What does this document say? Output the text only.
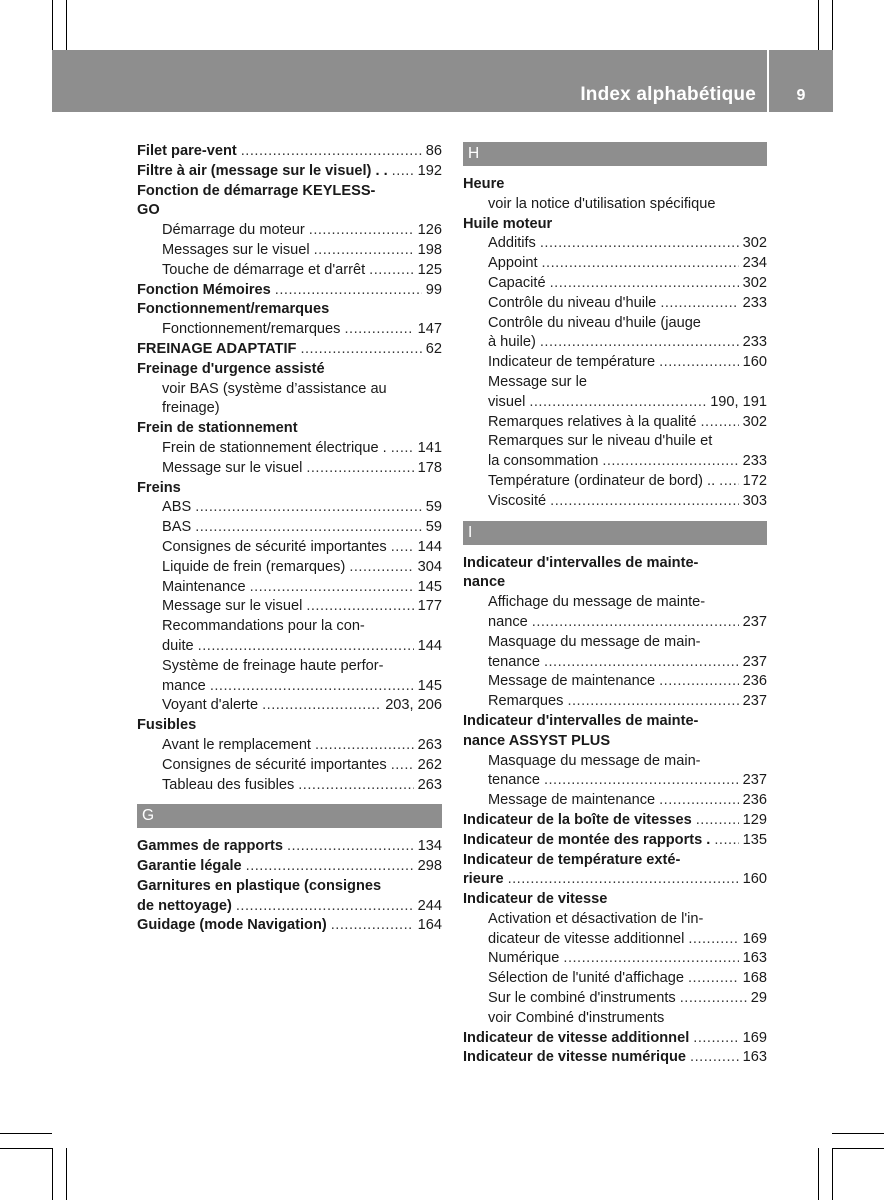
Index alphabétique	9
Filet pare-vent .....	86
Filtre à air (message sur le visuel) . . ..... 192
Fonction de démarrage KEYLESS-
GO
Démarrage du moteur .....	126
Messages sur le visuel .....	198
Touche de démarrage et d'arrêt .....	125
Fonction Mémoires .....	99
Fonctionnement/remarques
Fonctionnement/remarques .....	147
FREINAGE ADAPTATIF .....	62
Freinage d'urgence assisté
voir BAS (système d’assistance au
freinage)
Frein de stationnement
Frein de stationnement électrique . ..... 141
Message sur le visuel .....	178
Freins
ABS .....	59
BAS .....	59
Consignes de sécurité importantes ..... 144
Liquide de frein (remarques) .....	304
Maintenance .....	145
Message sur le visuel .....	177
Recommandations pour la con-
duite .....	144
Système de freinage haute perfor-
mance .....	145
Voyant d'alerte .....	203, 206
Fusibles
Avant le remplacement .....	263
Consignes de sécurité importantes ..... 262
Tableau des fusibles .....	263
G
Gammes de rapports .....	134
Garantie légale .....	298
Garnitures en plastique (consignes
de nettoyage) .....	244
Guidage (mode Navigation) .....	164
H
Heure
voir la notice d'utilisation spécifique
Huile moteur
Additifs .....	302
Appoint .....	234
Capacité .....	302
Contrôle du niveau d'huile .....	233
Contrôle du niveau d'huile (jauge
à huile) .....	233
Indicateur de température .....	160
Message sur le
visuel .....	190, 191
Remarques relatives à la qualité .....	302
Remarques sur le niveau d'huile et
la consommation .....	233
Température (ordinateur de bord) .. ..... 172
Viscosité .....	303
I
Indicateur d'intervalles de mainte-
nance
Affichage du message de mainte-
nance .....	237
Masquage du message de main-
tenance .....	237
Message de maintenance .....	236
Remarques .....	237
Indicateur d'intervalles de mainte-
nance ASSYST PLUS
Masquage du message de main-
tenance .....	237
Message de maintenance .....	236
Indicateur de la boîte de vitesses .....	129
Indicateur de montée des rapports . ..... 135
Indicateur de température exté-
rieure .....	160
Indicateur de vitesse
Activation et désactivation de l'in-
dicateur de vitesse additionnel .....	169
Numérique .....	163
Sélection de l'unité d'affichage .....	168
Sur le combiné d'instruments .....	29
voir Combiné d'instruments
Indicateur de vitesse additionnel .....	169
Indicateur de vitesse numérique .....	163
